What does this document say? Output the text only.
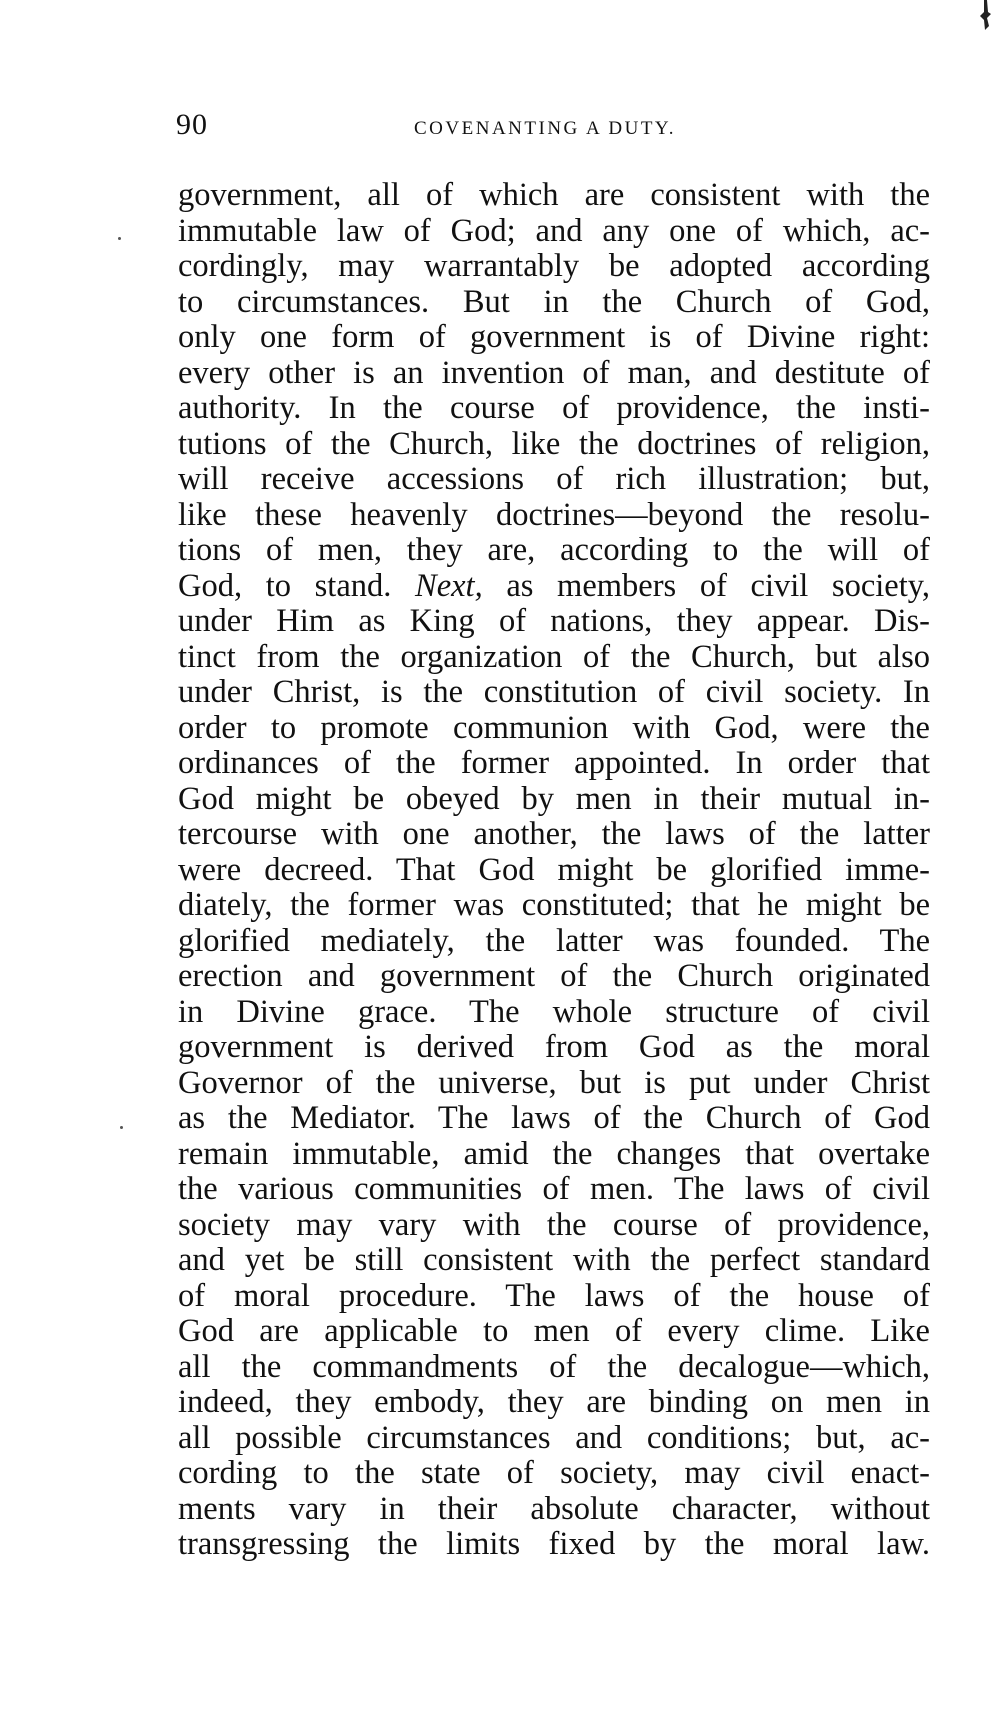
90	COVENANTING A DUTY.
government, all of which are consistent with the
immutable law of God; and any one of which, ac-
cordingly, may warrantably be adopted according
to circumstances. But in the Church of God,
only one form of government is of Divine right:
every other is an invention of man, and destitute of
authority. In the course of providence, the insti-
tutions of the Church, like the doctrines of religion,
will receive accessions of rich illustration; but,
like these heavenly doctrines—beyond the resolu-
tions of men, they are, according to the will of
God, to stand. Next, as members of civil society,
under Him as King of nations, they appear. Dis-
tinct from the organization of the Church, but also
under Christ, is the constitution of civil society. In
order to promote communion with God, were the
ordinances of the former appointed. In order that
God might be obeyed by men in their mutual in-
tercourse with one another, the laws of the latter
were decreed. That God might be glorified imme-
diately, the former was constituted; that he might be
glorified mediately, the latter was founded. The
erection and government of the Church originated
in Divine grace. The whole structure of civil
government is derived from God as the moral
Governor of the universe, but is put under Christ
as the Mediator. The laws of the Church of God
remain immutable, amid the changes that overtake
the various communities of men. The laws of civil
society may vary with the course of providence,
and yet be still consistent with the perfect standard
of moral procedure. The laws of the house of
God are applicable to men of every clime. Like
all the commandments of the decalogue—which,
indeed, they embody, they are binding on men in
all possible circumstances and conditions; but, ac-
cording to the state of society, may civil enact-
ments vary in their absolute character, without
transgressing the limits fixed by the moral law.
